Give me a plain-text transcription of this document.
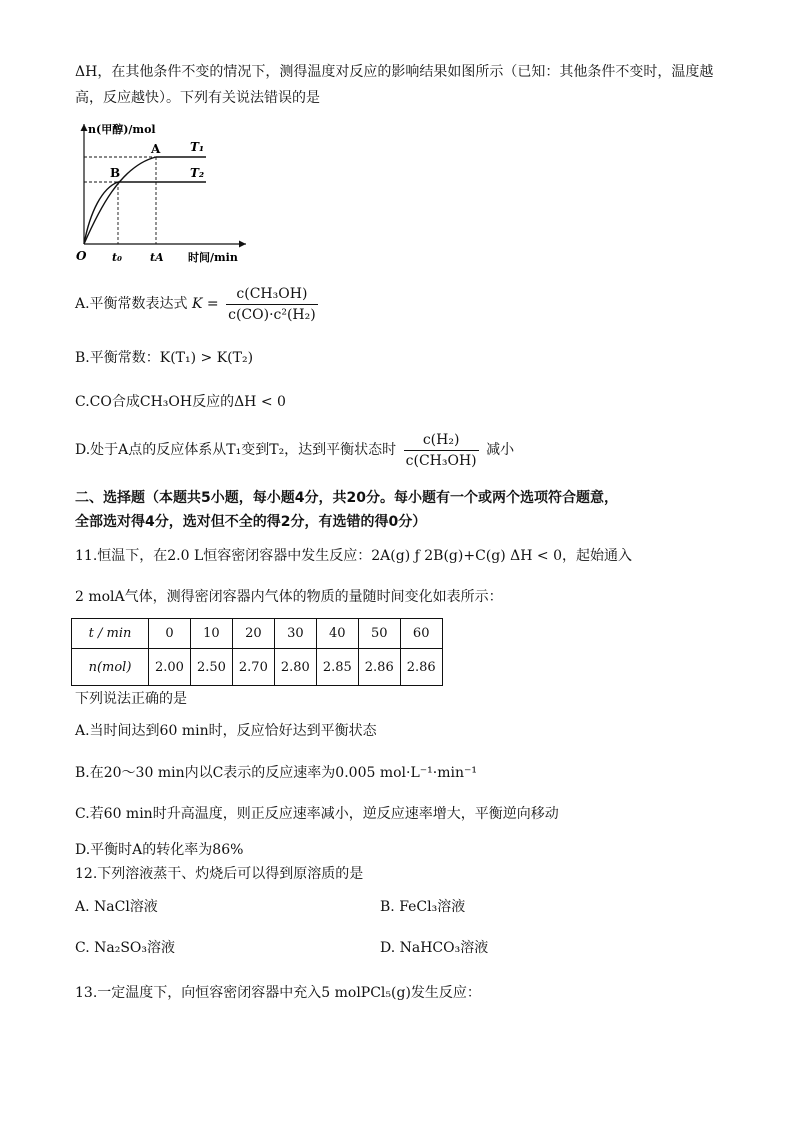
ΔH，在其他条件不变的情况下，测得温度对反应的影响结果如图所示（已知：其他条件不变时，温度越
高，反应越快）。下列有关说法错误的是
n(甲醇)/mol
时间/min
O t₀	tA
A
B
T₁
T₂
A.平衡常数表达式 $K = \frac{\text{c(CH₃OH)}}{\text{c(CO)·c²(H₂)}}$
B.平衡常数：K(T₁) > K(T₂)
C.CO合成CH₃OH反应的ΔH < 0
D.处于A点的反应体系从T₁变到T₂，达到平衡状态时 $\frac{\text{c(H₂)}}{\text{c(CH₃OH)}}$ 减小
二、选择题（本题共5小题，每小题4分，共20分。每小题有一个或两个选项符合题意，
全部选对得4分，选对但不全的得2分，有选错的得0分）
11.恒温下，在2.0 L恒容密闭容器中发生反应：2A(g) ƒ 2B(g)+C(g) ΔH < 0，起始通入
2 molA气体，测得密闭容器内气体的物质的量随时间变化如表所示：
t / min	0	10	20	30	40	50	60
n(mol)	2.00	2.50	2.70	2.80	2.85	2.86	2.86
下列说法正确的是
A.当时间达到60 min时，反应恰好达到平衡状态
B.在20～30 min内以C表示的反应速率为0.005 mol·L⁻¹·min⁻¹
C.若60 min时升高温度，则正反应速率减小，逆反应速率增大，平衡逆向移动
D.平衡时A的转化率为86%
12.下列溶液蒸干、灼烧后可以得到原溶质的是
A. NaCl溶液	B. FeCl₃溶液
C. Na₂SO₃溶液	D. NaHCO₃溶液
13.一定温度下，向恒容密闭容器中充入5 molPCl₅(g)发生反应：
